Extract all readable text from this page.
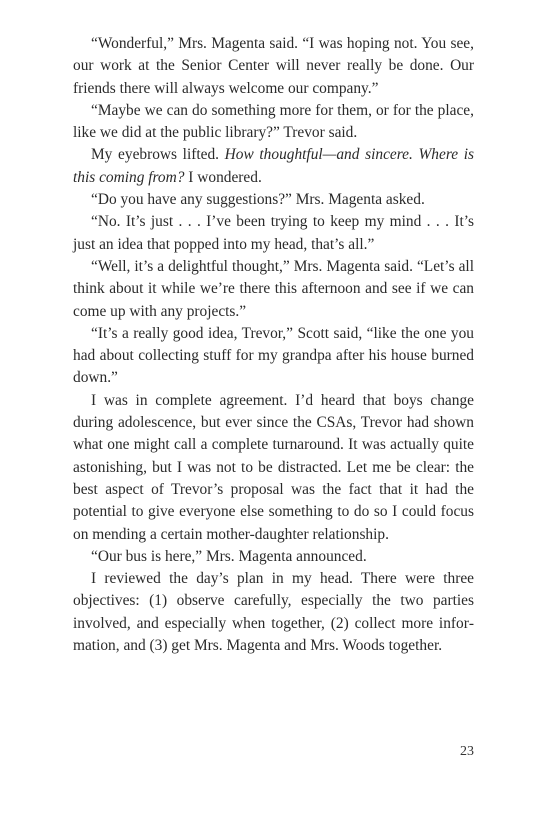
“Wonderful,” Mrs. Magenta said. “I was hoping not. You see, our work at the Senior Center will never really be done. Our friends there will always welcome our company.”

“Maybe we can do something more for them, or for the place, like we did at the public library?” Trevor said.

My eyebrows lifted. How thoughtful—and sincere. Where is this coming from? I wondered.

“Do you have any suggestions?” Mrs. Magenta asked.

“No. It’s just . . . I’ve been trying to keep my mind . . . It’s just an idea that popped into my head, that’s all.”

“Well, it’s a delightful thought,” Mrs. Magenta said. “Let’s all think about it while we’re there this afternoon and see if we can come up with any projects.”

“It’s a really good idea, Trevor,” Scott said, “like the one you had about collecting stuff for my grandpa after his house burned down.”

I was in complete agreement. I’d heard that boys change during adolescence, but ever since the CSAs, Trevor had shown what one might call a complete turnaround. It was actually quite astonishing, but I was not to be distracted. Let me be clear: the best aspect of Trevor’s proposal was the fact that it had the potential to give everyone else something to do so I could focus on mending a certain mother-daughter relationship.

“Our bus is here,” Mrs. Magenta announced.

I reviewed the day’s plan in my head. There were three objectives: (1) observe carefully, especially the two parties involved, and especially when together, (2) collect more information, and (3) get Mrs. Magenta and Mrs. Woods together.

23
